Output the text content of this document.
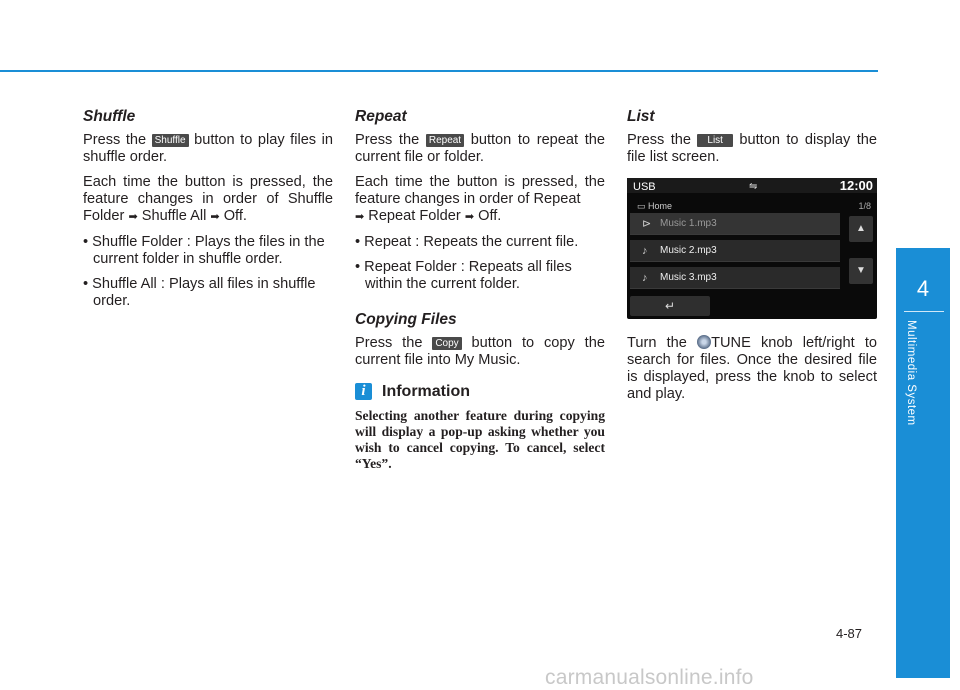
Shuffle
Press the Shuffle button to play files in shuffle order.
Each time the button is pressed, the feature changes in order of Shuffle Folder ➡ Shuffle All ➡ Off.
• Shuffle Folder : Plays the files in the current folder in shuffle order.
• Shuffle All : Plays all files in shuffle order.
Repeat
Press the Repeat button to repeat the current file or folder.
Each time the button is pressed, the feature changes in order of Repeat
➡ Repeat Folder ➡ Off.
• Repeat : Repeats the current file.
• Repeat Folder : Repeats all files within the current folder.
Copying Files
Press the Copy button to copy the current file into My Music.
i	Information
Selecting another feature during copying will display a pop-up asking whether you wish to cancel copying. To cancel, select “Yes”.
List
Press the List button to display the file list screen.
USB	⇋	12:00
▭ Home	1/8
⊳ Music 1.mp3
♪ Music 2.mp3
♪ Music 3.mp3
▲
▼
↵
Turn the TUNE knob left/right to search for files. Once the desired file is displayed, press the knob to select and play.
4
Multimedia System
4-87
carmanualsonline.info
